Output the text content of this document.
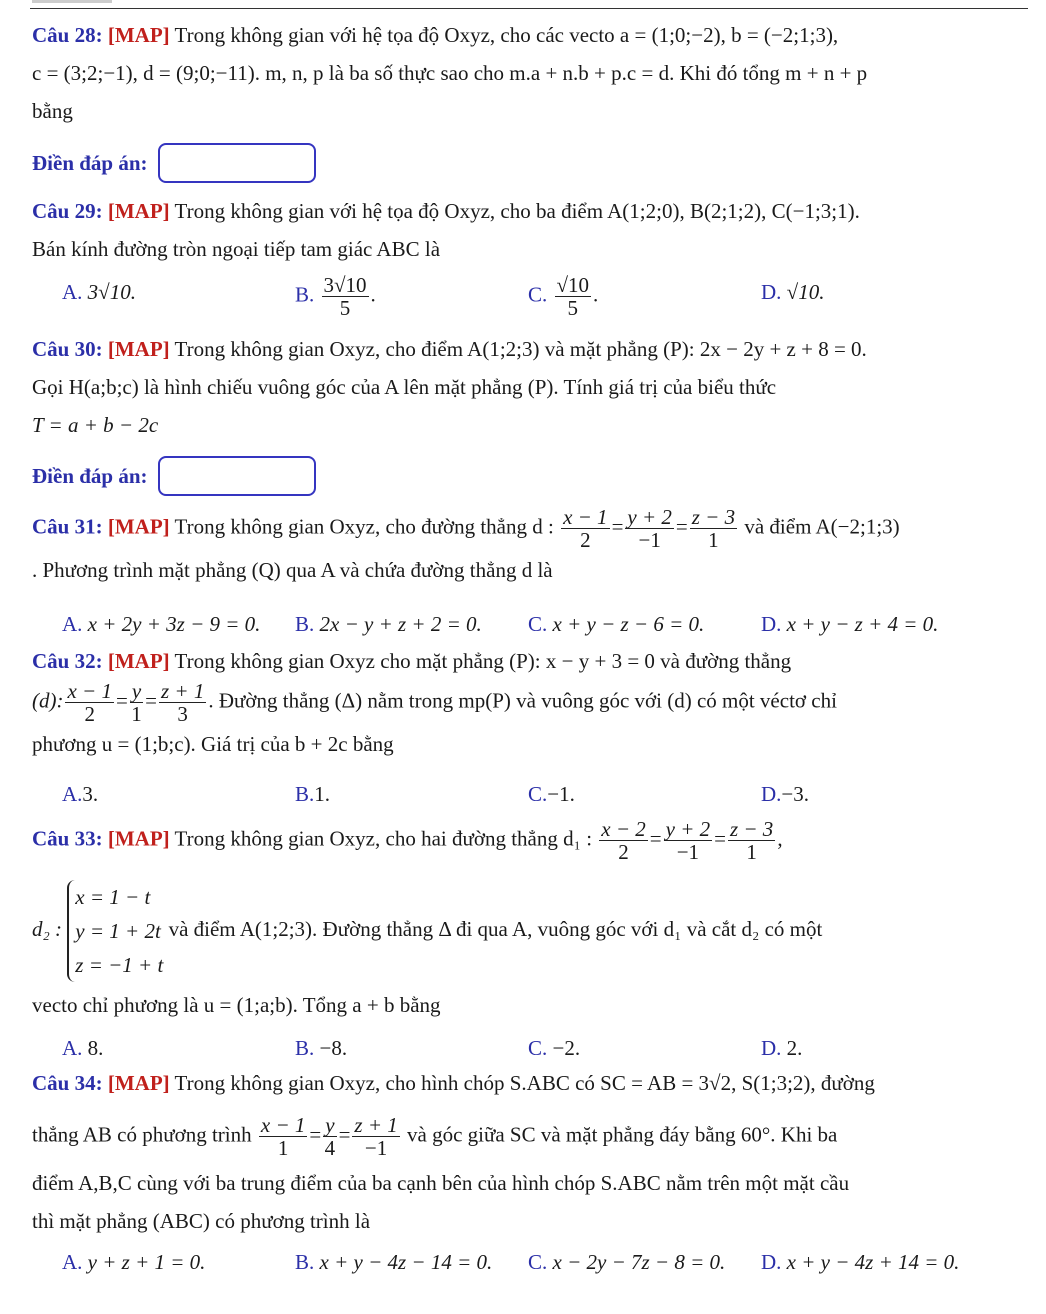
Câu 28: [MAP] Trong không gian với hệ tọa độ Oxyz, cho các vecto a = (1;0;−2), b = (−2;1;3),
c = (3;2;−1), d = (9;0;−11). m, n, p là ba số thực sao cho m.a + n.b + p.c = d. Khi đó tổng m + n + p
bằng
Điền đáp án:
Câu 29: [MAP] Trong không gian với hệ tọa độ Oxyz, cho ba điểm A(1;2;0), B(2;1;2), C(−1;3;1).
Bán kính đường tròn ngoại tiếp tam giác ABC là
A. 3√10.	B. $\frac{3√10}{5}$ .	C. $\frac{√10}{5}$ .	D. √10.
Câu 30: [MAP] Trong không gian Oxyz, cho điểm A(1;2;3) và mặt phẳng (P): 2x − 2y + z + 8 = 0.
Gọi H(a;b;c) là hình chiếu vuông góc của A lên mặt phẳng (P). Tính giá trị của biểu thức
T = a + b − 2c
Điền đáp án:
Câu 31: [MAP] Trong không gian Oxyz, cho đường thẳng d : $\frac{x - 1}{2} = \frac{y + 2}{-1} = \frac{z - 3}{1}$ và điểm A(−2;1;3)
. Phương trình mặt phẳng (Q) qua A và chứa đường thẳng d là
A. x + 2y + 3z − 9 = 0.	B. 2x − y + z + 2 = 0.	C. x + y − z − 6 = 0.	D. x + y − z + 4 = 0.
Câu 32: [MAP] Trong không gian Oxyz cho mặt phẳng (P): x − y + 3 = 0 và đường thẳng
(d): $\frac{x - 1}{2} = \frac{y}{1} = \frac{z + 1}{3}$ . Đường thẳng (Δ) nằm trong mp(P) và vuông góc với (d) có một véctơ chỉ
phương u = (1;b;c). Giá trị của b + 2c bằng
A.3.	B.1.	C.−1.	D.−3.
Câu 33: [MAP] Trong không gian Oxyz, cho hai đường thẳng d₁ : $\frac{x - 2}{2} = \frac{y + 2}{-1} = \frac{z - 3}{1}$ ,
d₂ : x = 1 − t
y = 1 + 2t
z = −1 + t và điểm A(1;2;3). Đường thẳng Δ đi qua A, vuông góc với d₁ và cắt d₂ có một
vecto chỉ phương là u = (1;a;b). Tổng a + b bằng
A. 8.	B. −8.	C. −2.	D. 2.
Câu 34: [MAP] Trong không gian Oxyz, cho hình chóp S.ABC có SC = AB = 3√2, S(1;3;2), đường
thẳng AB có phương trình $\frac{x - 1}{1} = \frac{y}{4} = \frac{z + 1}{-1}$ và góc giữa SC và mặt phẳng đáy bằng 60°. Khi ba
điểm A,B,C cùng với ba trung điểm của ba cạnh bên của hình chóp S.ABC nằm trên một mặt cầu
thì mặt phẳng (ABC) có phương trình là
A. y + z + 1 = 0.	B. x + y − 4z − 14 = 0.	C. x − 2y − 7z − 8 = 0.	D. x + y − 4z + 14 = 0.
